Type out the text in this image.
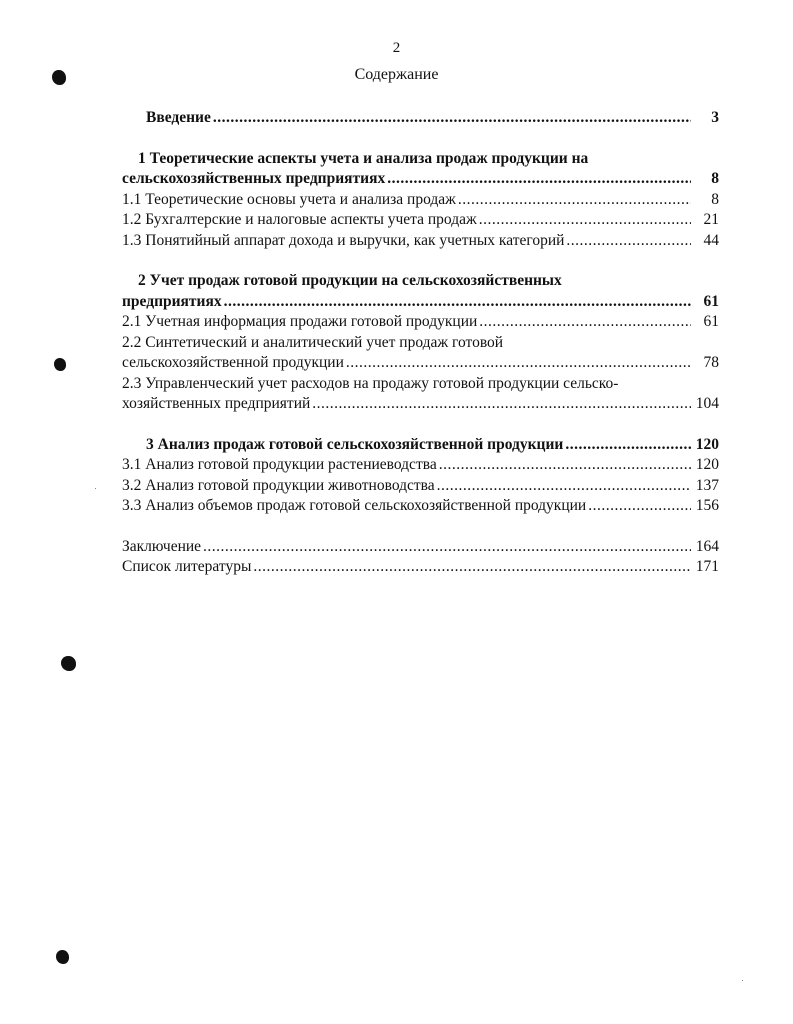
2
Содержание
Введение .....	3
1 Теоретические аспекты учета и анализа продаж продукции на
сельскохозяйственных предприятиях .....	8
1.1 Теоретические основы учета и анализа продаж .....	8
1.2 Бухгалтерские и налоговые аспекты учета продаж .....	21
1.3 Понятийный аппарат дохода и выручки, как учетных категорий .....	44
2 Учет продаж готовой продукции на сельскохозяйственных
предприятиях .....	61
2.1 Учетная информация продажи готовой продукции .....	61
2.2 Синтетический и аналитический учет продаж готовой
сельскохозяйственной продукции .....	78
2.3 Управленческий учет расходов на продажу готовой продукции сельско-
хозяйственных предприятий .....	104
3 Анализ продаж готовой сельскохозяйственной продукции .....	120
3.1 Анализ готовой продукции растениеводства .....	120
3.2 Анализ готовой продукции животноводства .....	137
3.3 Анализ объемов продаж готовой сельскохозяйственной продукции .....	156
Заключение .....	164
Список литературы .....	171
